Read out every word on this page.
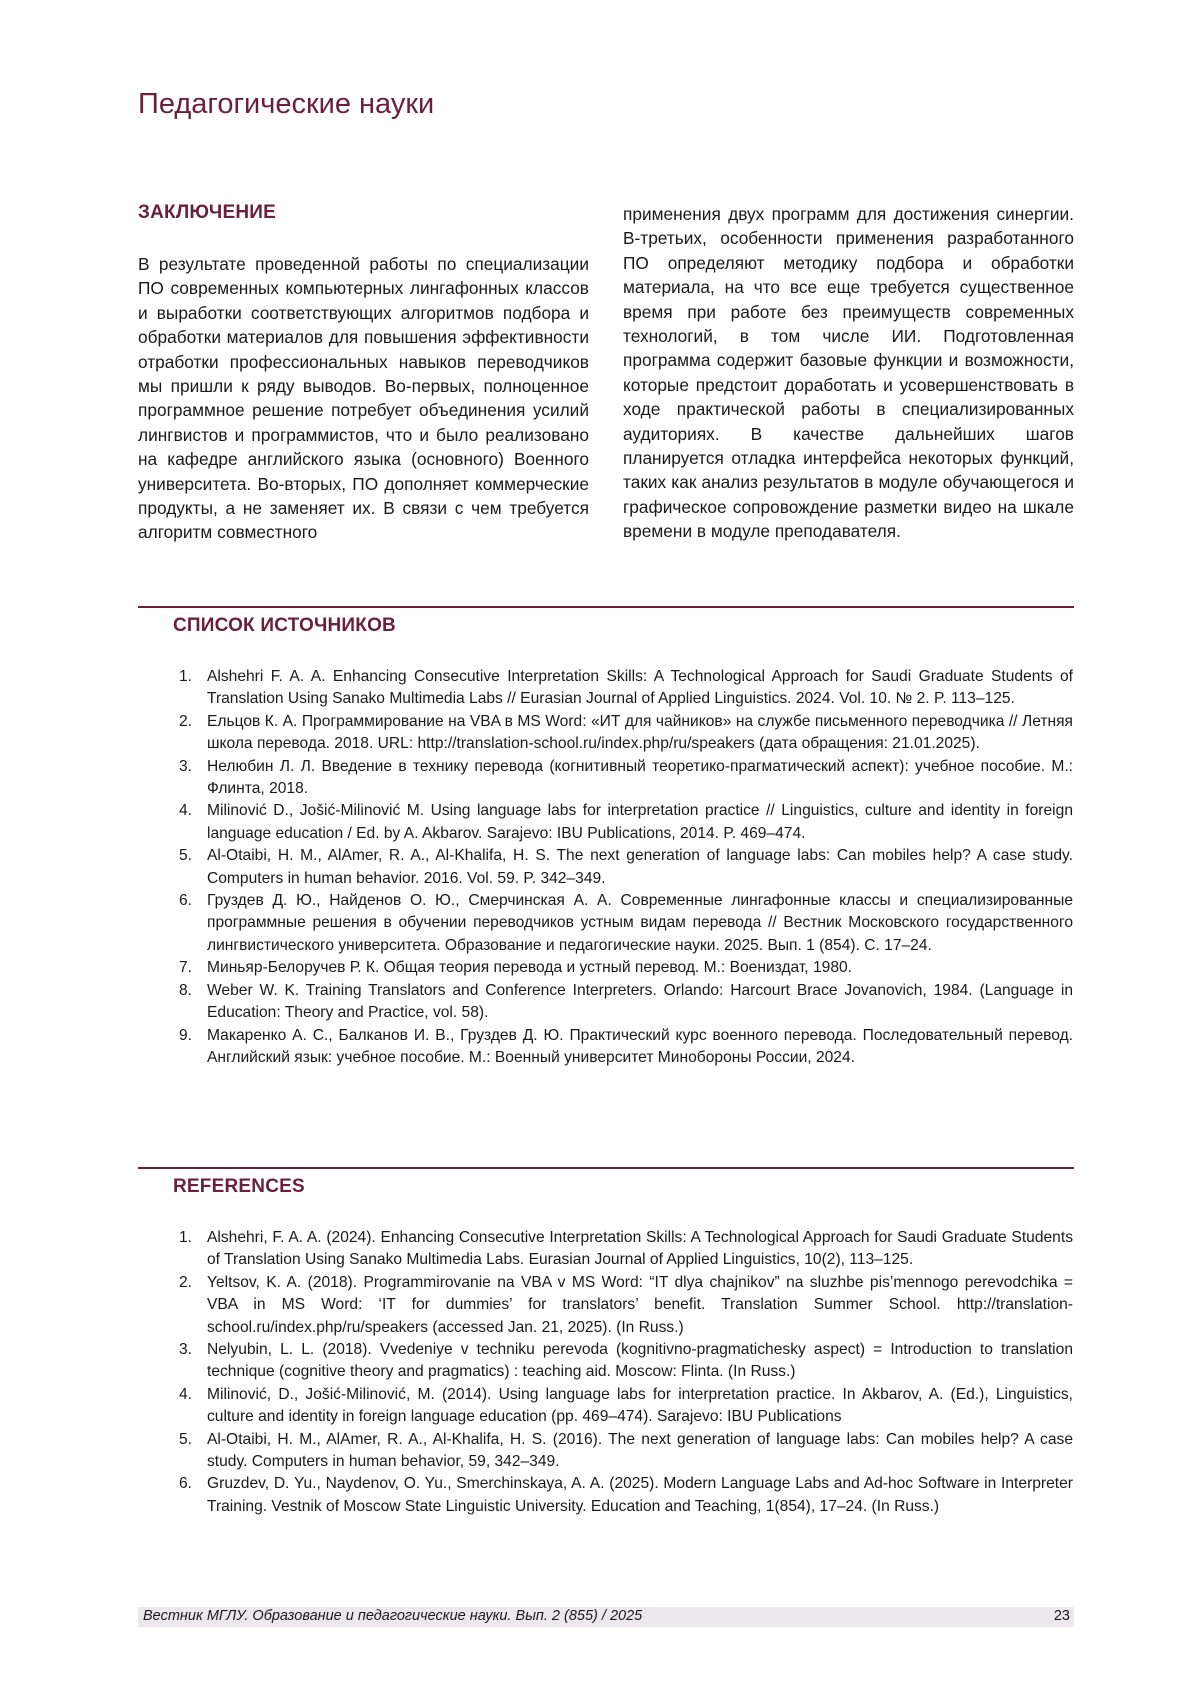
Педагогические науки
ЗАКЛЮЧЕНИЕ

В результате проведенной работы по специализации ПО современных компьютерных лингафонных классов и выработки соответствующих алгоритмов подбора и обработки материалов для повышения эффективности отработки профессиональных навыков переводчиков мы пришли к ряду выводов. Во-первых, полноценное программное решение потребует объединения усилий лингвистов и программистов, что и было реализовано на кафедре английского языка (основного) Военного университета. Во-вторых, ПО дополняет коммерческие продукты, а не заменяет их. В связи с чем требуется алгоритм совместного

применения двух программ для достижения синергии. В-третьих, особенности применения разработанного ПО определяют методику подбора и обработки материала, на что все еще требуется существенное время при работе без преимуществ современных технологий, в том числе ИИ. Подготовленная программа содержит базовые функции и возможности, которые предстоит доработать и усовершенствовать в ходе практической работы в специализированных аудиториях. В качестве дальнейших шагов планируется отладка интерфейса некоторых функций, таких как анализ результатов в модуле обучающегося и графическое сопровождение разметки видео на шкале времени в модуле преподавателя.

СПИСОК ИСТОЧНИКОВ
1. Alshehri F. A. A. Enhancing Consecutive Interpretation Skills: A Technological Approach for Saudi Graduate Students of Translation Using Sanako Multimedia Labs // Eurasian Journal of Applied Linguistics. 2024. Vol. 10. № 2. P. 113–125.
2. Ельцов К. А. Программирование на VBA в MS Word: «ИТ для чайников» на службе письменного переводчика // Летняя школа перевода. 2018. URL: http://translation-school.ru/index.php/ru/speakers (дата обращения: 21.01.2025).
3. Нелюбин Л. Л. Введение в технику перевода (когнитивный теоретико-прагматический аспект): учебное пособие. М.: Флинта, 2018.
4. Milinović D., Jošić-Milinović M. Using language labs for interpretation practice // Linguistics, culture and identity in foreign language education / Ed. by A. Akbarov. Sarajevo: IBU Publications, 2014. P. 469–474.
5. Al-Otaibi, H. M., AlAmer, R. A., Al-Khalifa, H. S. The next generation of language labs: Can mobiles help? A case study. Computers in human behavior. 2016. Vol. 59. P. 342–349.
6. Груздев Д. Ю., Найденов О. Ю., Смерчинская А. А. Современные лингафонные классы и специализированные программные решения в обучении переводчиков устным видам перевода // Вестник Московского государственного лингвистического университета. Образование и педагогические науки. 2025. Вып. 1 (854). С. 17–24.
7. Миньяр-Белоручев Р. К. Общая теория перевода и устный перевод. М.: Воениздат, 1980.
8. Weber W. K. Training Translators and Conference Interpreters. Orlando: Harcourt Brace Jovanovich, 1984. (Language in Education: Theory and Practice, vol. 58).
9. Макаренко А. С., Балканов И. В., Груздев Д. Ю. Практический курс военного перевода. Последовательный перевод. Английский язык: учебное пособие. М.: Военный университет Минобороны России, 2024.
REFERENCES
1. Alshehri, F. A. A. (2024). Enhancing Consecutive Interpretation Skills: A Technological Approach for Saudi Graduate Students of Translation Using Sanako Multimedia Labs. Eurasian Journal of Applied Linguistics, 10(2), 113–125.
2. Yeltsov, K. A. (2018). Programmirovanie na VBA v MS Word: “IT dlya chajnikov” na sluzhbe pis’mennogo perevodchika = VBA in MS Word: ‘IT for dummies’ for translators’ benefit. Translation Summer School. http://translation-school.ru/index.php/ru/speakers (accessed Jan. 21, 2025). (In Russ.)
3. Nelyubin, L. L. (2018). Vvedeniye v techniku perevoda (kognitivno-pragmatichesky aspect) = Introduction to translation technique (cognitive theory and pragmatics) : teaching aid. Moscow: Flinta. (In Russ.)
4. Milinović, D., Jošić-Milinović, M. (2014). Using language labs for interpretation practice. In Akbarov, A. (Ed.), Linguistics, culture and identity in foreign language education (pp. 469–474). Sarajevo: IBU Publications
5. Al-Otaibi, H. M., AlAmer, R. A., Al-Khalifa, H. S. (2016). The next generation of language labs: Can mobiles help? A case study. Computers in human behavior, 59, 342–349.
6. Gruzdev, D. Yu., Naydenov, O. Yu., Smerchinskaya, A. A. (2025). Modern Language Labs and Ad-hoc Software in Interpreter Training. Vestnik of Moscow State Linguistic University. Education and Teaching, 1(854), 17–24. (In Russ.)
Вестник МГЛУ. Образование и педагогические науки. Вып. 2 (855) / 2025	23
